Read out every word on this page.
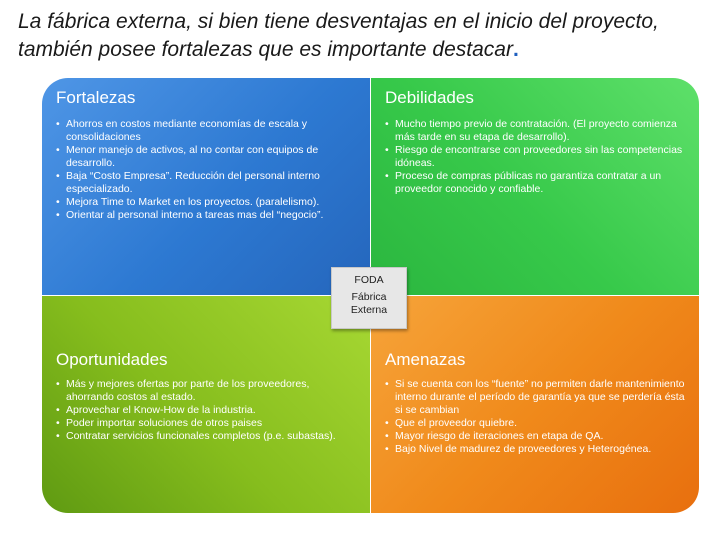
La fábrica externa, si bien tiene desventajas en el inicio del proyecto, también posee fortalezas que es importante destacar.
Fortalezas
• Ahorros en costos mediante economías de escala y consolidaciones
• Menor manejo de activos, al no contar con equipos de desarrollo.
• Baja “Costo Empresa”. Reducción del personal interno especializado.
• Mejora Time to Market en los proyectos. (paralelismo).
• Orientar al personal interno a tareas mas del “negocio”.
Debilidades
• Mucho tiempo previo de contratación. (El proyecto comienza más tarde en su etapa de desarrollo).
• Riesgo de encontrarse con proveedores sin las competencias idóneas.
• Proceso de compras públicas no garantiza contratar a un proveedor conocido y confiable.
Oportunidades
• Más y mejores ofertas por parte de los proveedores, ahorrando costos al estado.
• Aprovechar el Know-How de la industria.
• Poder importar soluciones de otros paises
• Contratar servicios funcionales completos (p.e. subastas).
Amenazas
• Si se cuenta con los “fuente” no permiten darle mantenimiento interno durante el período de garantía ya que se perdería ésta si se cambian
• Que el proveedor quiebre.
• Mayor riesgo de iteraciones en etapa de QA.
• Bajo Nivel de madurez de proveedores y Heterogénea.
FODA
Fábrica
Externa
